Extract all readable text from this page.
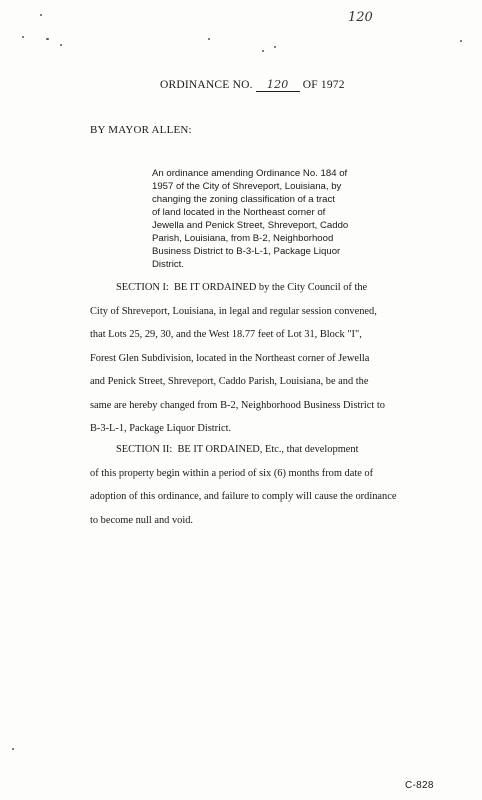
120
ORDINANCE NO. 120 OF 1972
BY MAYOR ALLEN:

An ordinance amending Ordinance No. 184 of
1957 of the City of Shreveport, Louisiana, by
changing the zoning classification of a tract
of land located in the Northeast corner of
Jewella and Penick Street, Shreveport, Caddo
Parish, Louisiana, from B-2, Neighborhood
Business District to B-3-L-1, Package Liquor
District.

SECTION I:  BE IT ORDAINED by the City Council of the
City of Shreveport, Louisiana, in legal and regular session convened,
that Lots 25, 29, 30, and the West 18.77 feet of Lot 31, Block "I",
Forest Glen Subdivision, located in the Northeast corner of Jewella
and Penick Street, Shreveport, Caddo Parish, Louisiana, be and the
same are hereby changed from B-2, Neighborhood Business District to
B-3-L-1, Package Liquor District.

SECTION II:  BE IT ORDAINED, Etc., that development
of this property begin within a period of six (6) months from date of
adoption of this ordinance, and failure to comply will cause the ordinance
to become null and void.

C-828
